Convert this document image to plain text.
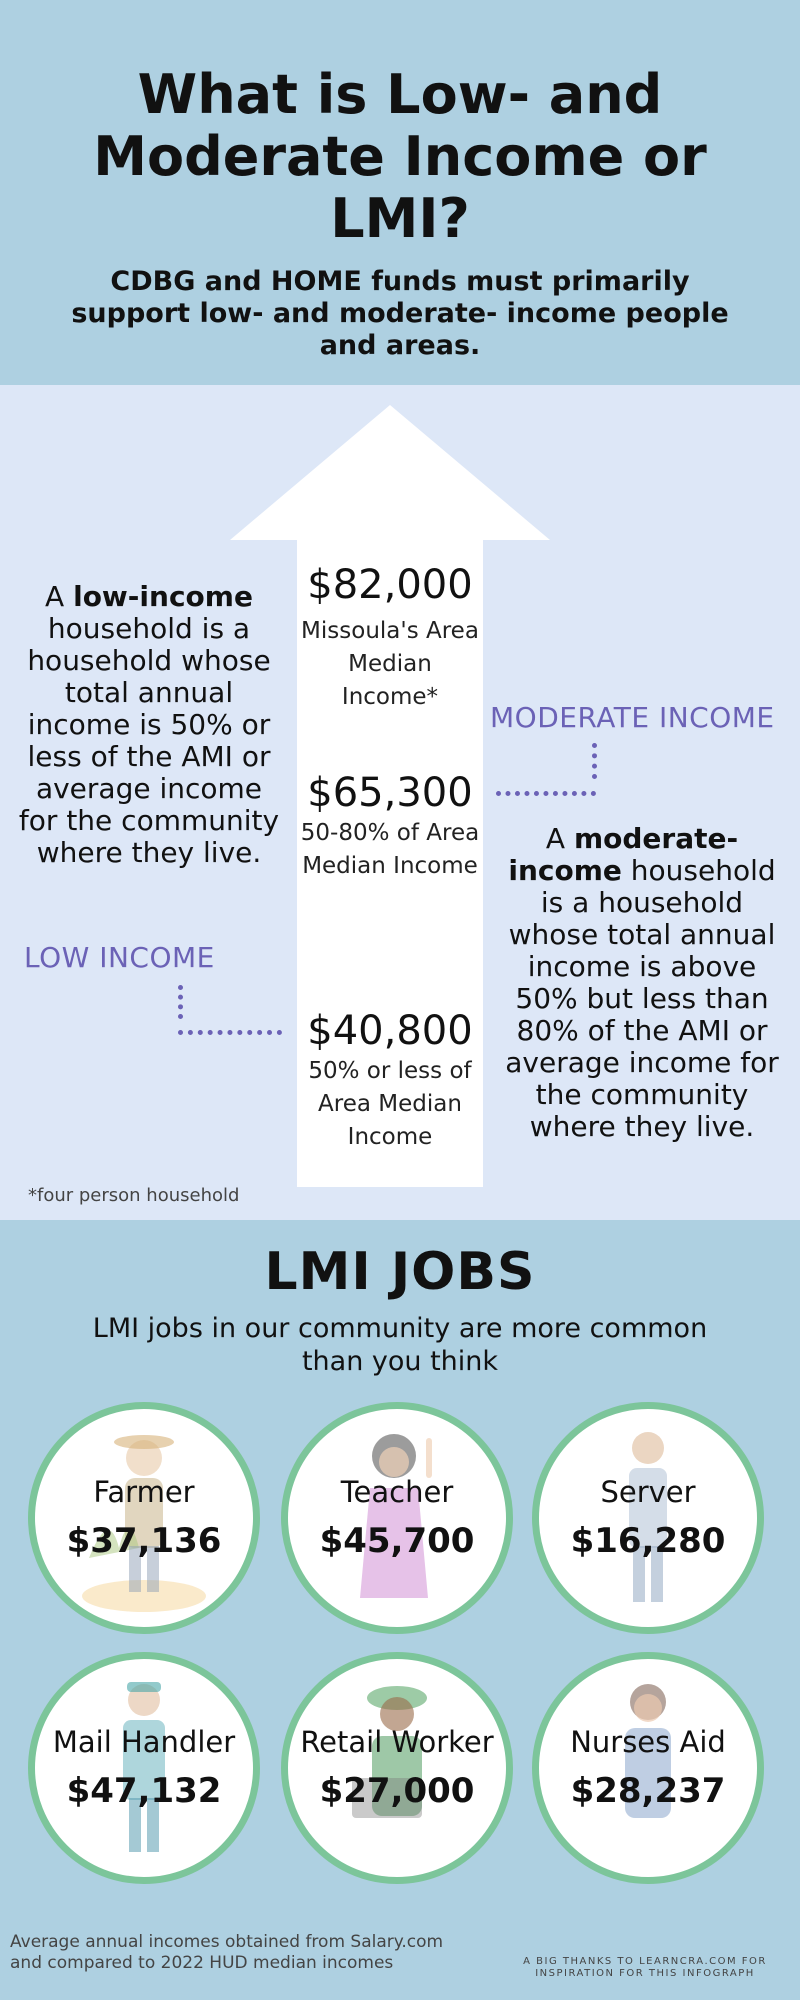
What is Low- and Moderate Income or LMI?

CDBG and HOME funds must primarily support low- and moderate- income people and areas.

$82,000

Missoula's Area Median Income*

$65,300

50-80% of Area Median Income

$40,800

50% or less of Area Median Income

A low-income household is a household whose total annual income is 50% or less of the AMI or average income for the community where they live.	A moderate-income household is a household whose total annual income is above 50% but less than 80% of the AMI or average income for the community where they live.

LOW INCOME

MODERATE INCOME

*four person household

LMI JOBS

LMI jobs in our community are more common than you think

Farmer

$37,136

Teacher

$45,700

Server

$16,280

Mail Handler

$47,132

Retail Worker

$27,000

Nurses Aid

$28,237

Average annual incomes obtained from Salary.com and compared to 2022 HUD median incomes	A BIG THANKS TO LEARNCRA.COM FOR INSPIRATION FOR THIS INFOGRAPH
